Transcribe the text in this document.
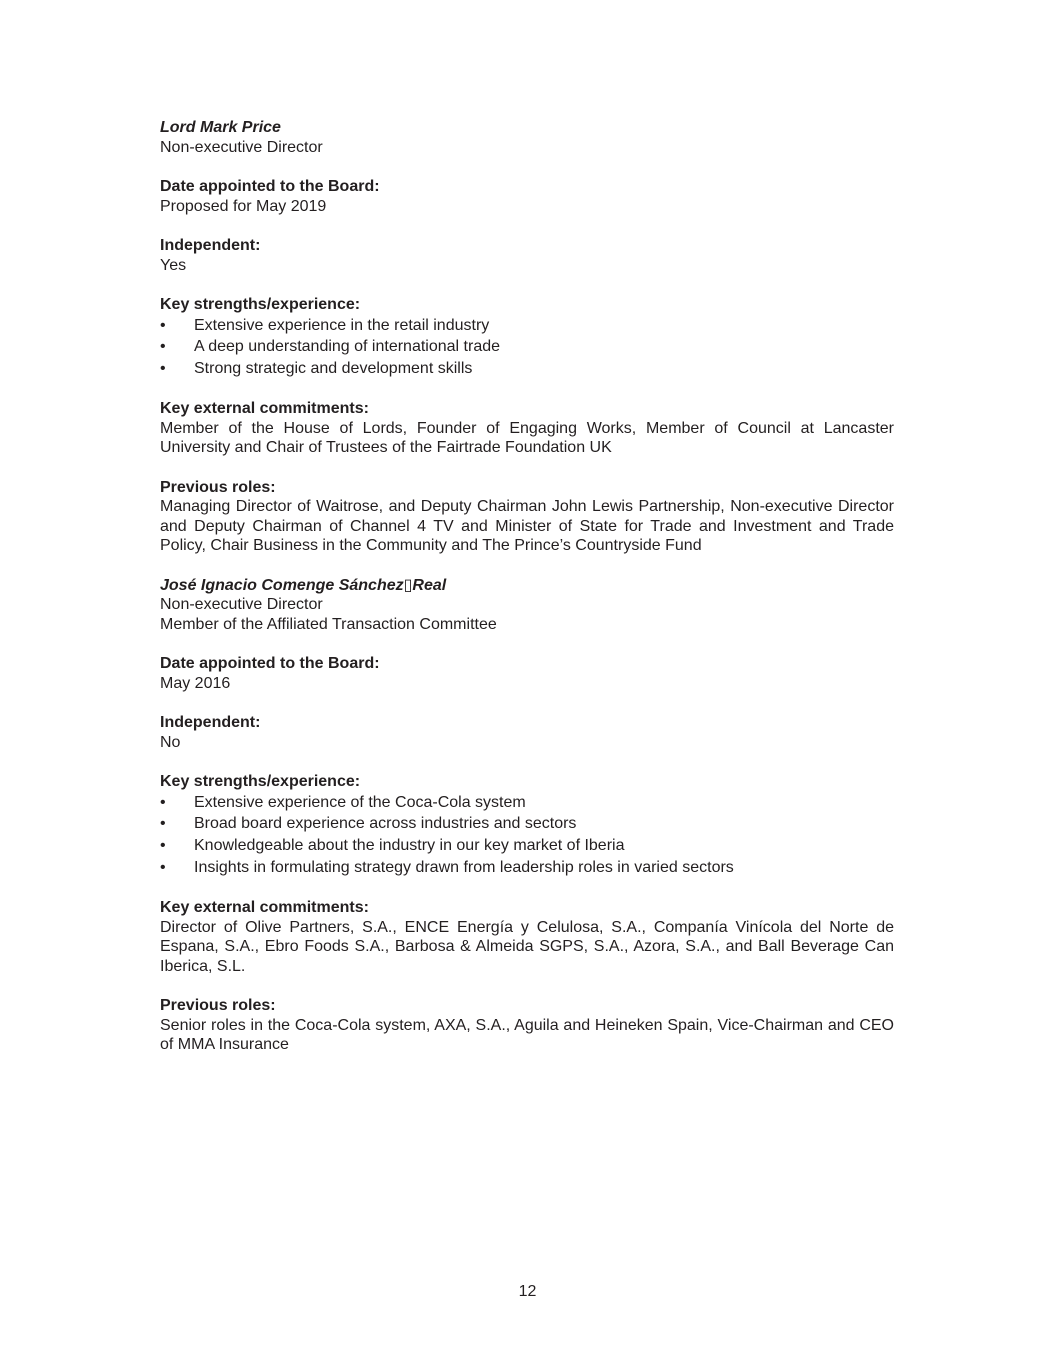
Lord Mark Price

Non-executive Director

Date appointed to the Board:

Proposed for May 2019

Independent:

Yes

Key strengths/experience:

• Extensive experience in the retail industry
• A deep understanding of international trade
• Strong strategic and development skills

Key external commitments:

Member of the House of Lords, Founder of Engaging Works, Member of Council at Lancaster University and Chair of Trustees of the Fairtrade Foundation UK

Previous roles:

Managing Director of Waitrose, and Deputy Chairman John Lewis Partnership, Non-executive Director and Deputy Chairman of Channel 4 TV and Minister of State for Trade and Investment and Trade Policy, Chair Business in the Community and The Prince’s Countryside Fund

José Ignacio Comenge Sánchez▯Real

Non-executive Director

Member of the Affiliated Transaction Committee

Date appointed to the Board:

May 2016

Independent:

No

Key strengths/experience:

• Extensive experience of the Coca-Cola system
• Broad board experience across industries and sectors
• Knowledgeable about the industry in our key market of Iberia
• Insights in formulating strategy drawn from leadership roles in varied sectors

Key external commitments:

Director of Olive Partners, S.A., ENCE Energía y Celulosa, S.A., Companía Vinícola del Norte de Espana, S.A., Ebro Foods S.A., Barbosa & Almeida SGPS, S.A., Azora, S.A., and Ball Beverage Can Iberica, S.L.

Previous roles:

Senior roles in the Coca-Cola system, AXA, S.A., Aguila and Heineken Spain, Vice-Chairman and CEO of MMA Insurance

12
